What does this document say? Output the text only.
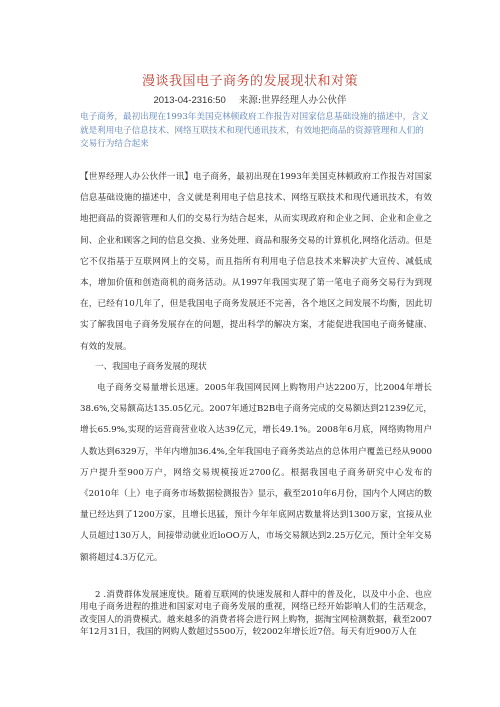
漫谈我国电子商务的发展现状和对策
2013-04-2316:50 来源:世界经理人办公伙伴
电子商务，最初出现在1993年美国克林顿政府工作报告对国家信息基础设施的描述中，含义就是利用电子信息技术、网络互联技术和现代通讯技术，有效地把商品的资源管理和人们的交易行为结合起来
【世界经理人办公伙伴一讯】电子商务，最初出现在1993年美国克林顿政府工作报告对国家信息基础设施的描述中，含义就是利用电子信息技术、网络互联技术和现代通讯技术，有效地把商品的资源管理和人们的交易行为结合起来，从而实现政府和企业之间、企业和企业之间、企业和顾客之间的信息交换、业务处理、商品和服务交易的计算机化,网络化活动。但是它不仅指基于互联网网上的交易，而且指所有利用电子信息技术来解决扩大宣传、减低成本，增加价值和创造商机的商务活动。从1997年我国实现了第一笔电子商务交易行为到现在，已经有10几年了，但是我国电子商务发展还不完善，各个地区之间发展不均衡，因此切实了解我国电子商务发展存在的问题，提出科学的解决方案，才能促进我国电子商务健康、有效的发展。
一、我国电子商务发展的现状
电子商务交易量增长迅速。2005年我国网民网上购物用户达2200万，比2004年增长38.6%,交易额高达135.05亿元。2007年通过B2B电子商务完成的交易额达到21239亿元，增长65.9%,实现的运营商营业收入达39亿元，增长49.1%。2008年6月底，网络购物用户人数达到6329万，半年内增加36.4%,全年我国电子商务类站点的总体用户覆盖已经从9000万户提升至900万户，网络交易规模接近2700亿。根据我国电子商务研究中心发布的《2010年（上）电子商务市场数据检测报告》显示，截至2010年6月份，国内个人网店的数量已经达到了1200万家，且增长迅猛，预计今年年底网店数量将达到1300万家，宜接从业人员超过130万人，间接带动就业近loOO万人，市场交易额达到2.25万亿元，预计全年交易额将超过4.3万亿元。
2 .消费群体发展速度快。随着互联网的快速发展和人群中的普及化，以及中小企、也应用电子商务进程的推进和国家对电子商务发展的重视，网络已经开始影响人们的生活观念，改变国人的消费模式。越来越多的消费者将会进行网上购物，据淘宝网检测数据，截至2007年12月31日，我国的网购人数超过5500万，较2002年增长近7倍。每天有近900万人在
